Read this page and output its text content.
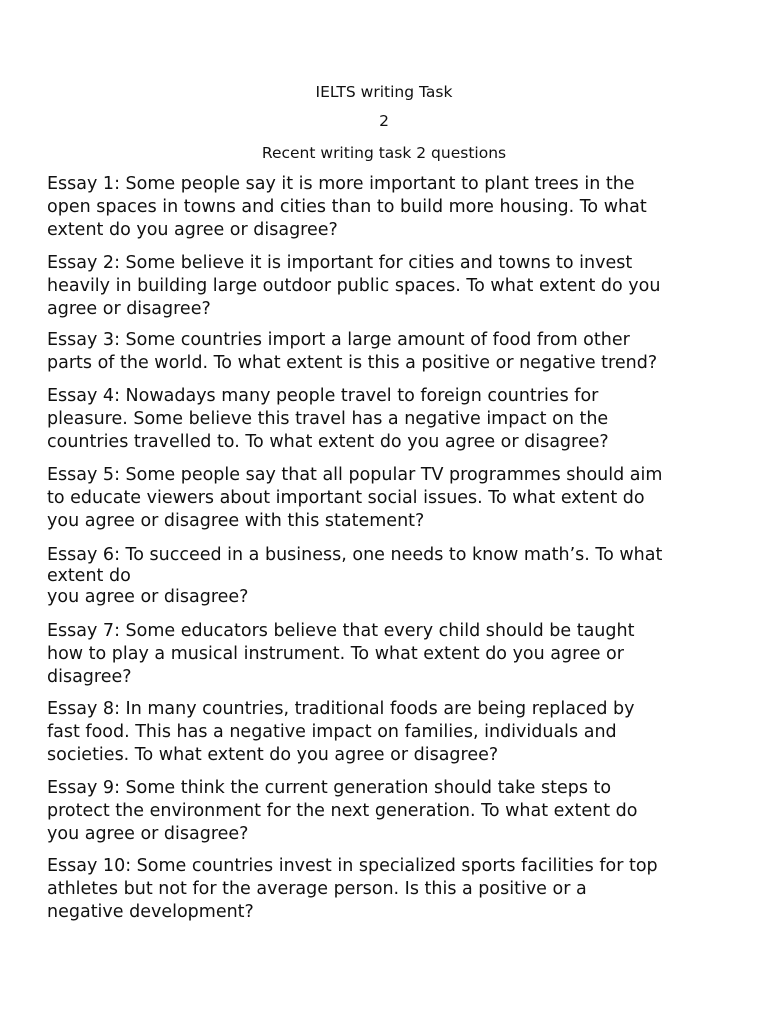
IELTS writing Task
2
Recent writing task 2 questions
Essay 1: Some people say it is more important to plant trees in the
open spaces in towns and cities than to build more housing. To what
extent do you agree or disagree?
Essay 2: Some believe it is important for cities and towns to invest
heavily in building large outdoor public spaces. To what extent do you
agree or disagree?
Essay 3: Some countries import a large amount of food from other
parts of the world. To what extent is this a positive or negative trend?
Essay 4: Nowadays many people travel to foreign countries for
pleasure. Some believe this travel has a negative impact on the
countries travelled to. To what extent do you agree or disagree?
Essay 5: Some people say that all popular TV programmes should aim
to educate viewers about important social issues. To what extent do
you agree or disagree with this statement?
Essay 6: To succeed in a business, one needs to know math’s. To what
extent do
you agree or disagree?
Essay 7: Some educators believe that every child should be taught
how to play a musical instrument. To what extent do you agree or
disagree?
Essay 8: In many countries, traditional foods are being replaced by
fast food. This has a negative impact on families, individuals and
societies. To what extent do you agree or disagree?
Essay 9: Some think the current generation should take steps to
protect the environment for the next generation. To what extent do
you agree or disagree?
Essay 10: Some countries invest in specialized sports facilities for top
athletes but not for the average person. Is this a positive or a
negative development?
